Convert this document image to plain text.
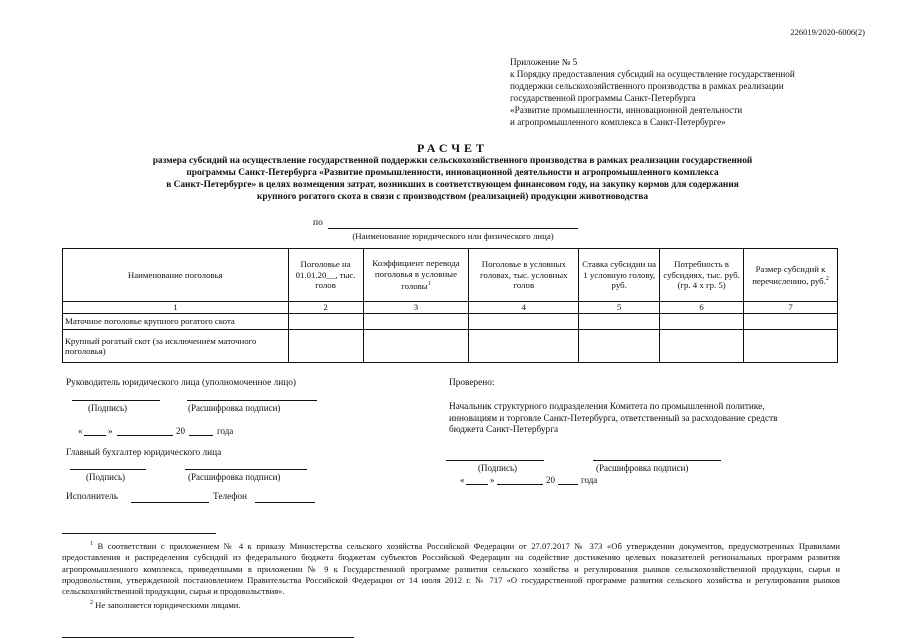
226019/2020-6006(2)
Приложение № 5
к Порядку предоставления субсидий на осуществление государственной
поддержки сельскохозяйственного производства в рамках реализации
государственной программы Санкт-Петербурга
«Развитие промышленности, инновационной деятельности
и агропромышленного комплекса в Санкт-Петербурге»
РАСЧЕТ
размера субсидий на осуществление государственной поддержки сельскохозяйственного производства в рамках реализации государственной
программы Санкт-Петербурга «Развитие промышленности, инновационной деятельности и агропромышленного комплекса
в Санкт-Петербурге» в целях возмещения затрат, возникших в соответствующем финансовом году, на закупку кормов для содержания
крупного рогатого скота в связи с производством (реализацией) продукции животноводства
по
(Наименование юридического или физического лица)
Наименование поголовья	Поголовье на 01.01.20__, тыс. голов	Коэффициент перевода поголовья в условные головы$^1$	Поголовье в условных головах, тыс. условных голов	Ставка субсидии на 1 условную голову, руб.	Потребность в субсидиях, тыс. руб. (гр. 4 х гр. 5)	Размер субсидий к перечислению, руб.$^2$
1	2	3	4	5	6	7
Маточное поголовье крупного рогатого скота						
Крупный рогатый скот (за исключением маточного поголовья)						
Руководитель юридического лица (уполномоченное лицо)
(Подпись)	(Расшифровка подписи)
«	»	20	года
Главный бухгалтер юридического лица
(Подпись)	(Расшифровка подписи)
Исполнитель	Телефон
Проверено:
Начальник структурного подразделения Комитета по промышленной политике,
инновациям и торговле Санкт-Петербурга, ответственный за расходование средств
бюджета Санкт-Петербурга
(Подпись)	(Расшифровка подписи)
«	»	20	года
$^1$ В соответствии с приложением № 4 к приказу Министерства сельского хозяйства Российской Федерации от 27.07.2017 № 373 «Об утверждении документов, предусмотренных Правилами предоставления и распределения субсидий из федерального бюджета бюджетам субъектов Российской Федерации на содействие достижению целевых показателей региональных программ развития агропромышленного комплекса, приведенными в приложении № 9 к Государственной программе развития сельского хозяйства и регулирования рынков сельскохозяйственной продукции, сырья и продовольствия, утвержденной постановлением Правительства Российской Федерации от 14 июля 2012 г. № 717 «О государственной программе развития сельского хозяйства и регулирования рынков сельскохозяйственной продукции, сырья и продовольствия».
$^2$ Не заполняется юридическими лицами.
